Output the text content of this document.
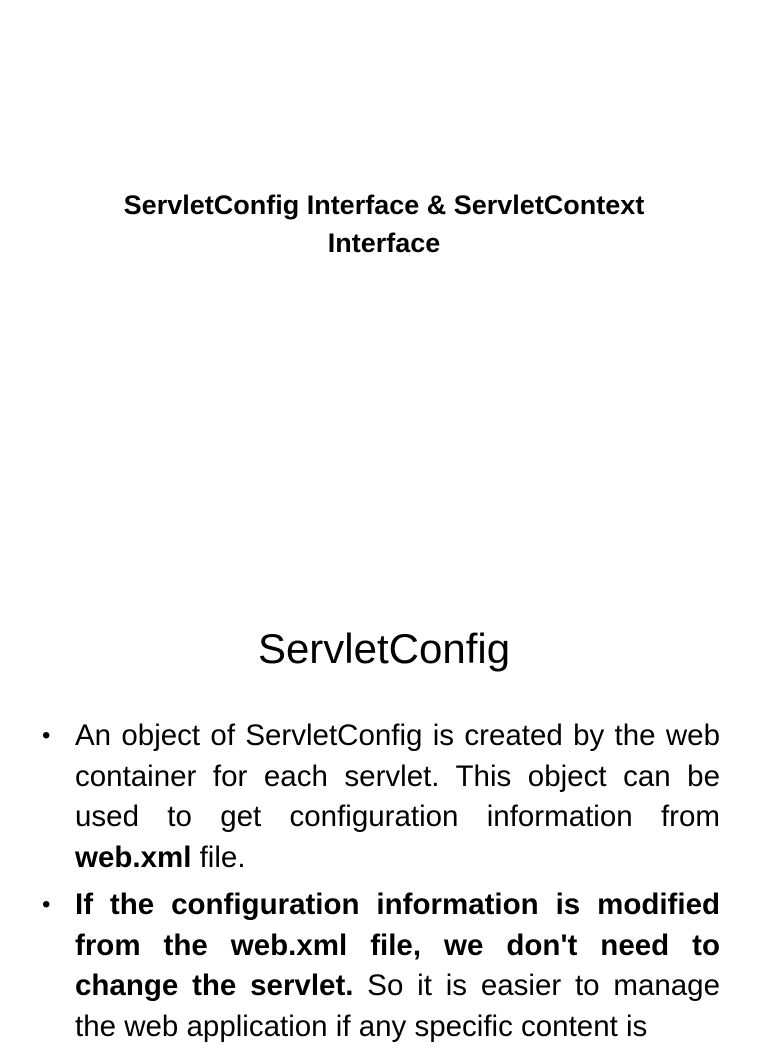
ServletConfig Interface & ServletContext
Interface
ServletConfig
• An object of ServletConfig is created by the web container for each servlet. This object can be used to get configuration information from web.xml file.
• If the configuration information is modified from the web.xml file, we don't need to change the servlet. So it is easier to manage the web application if any specific content is
